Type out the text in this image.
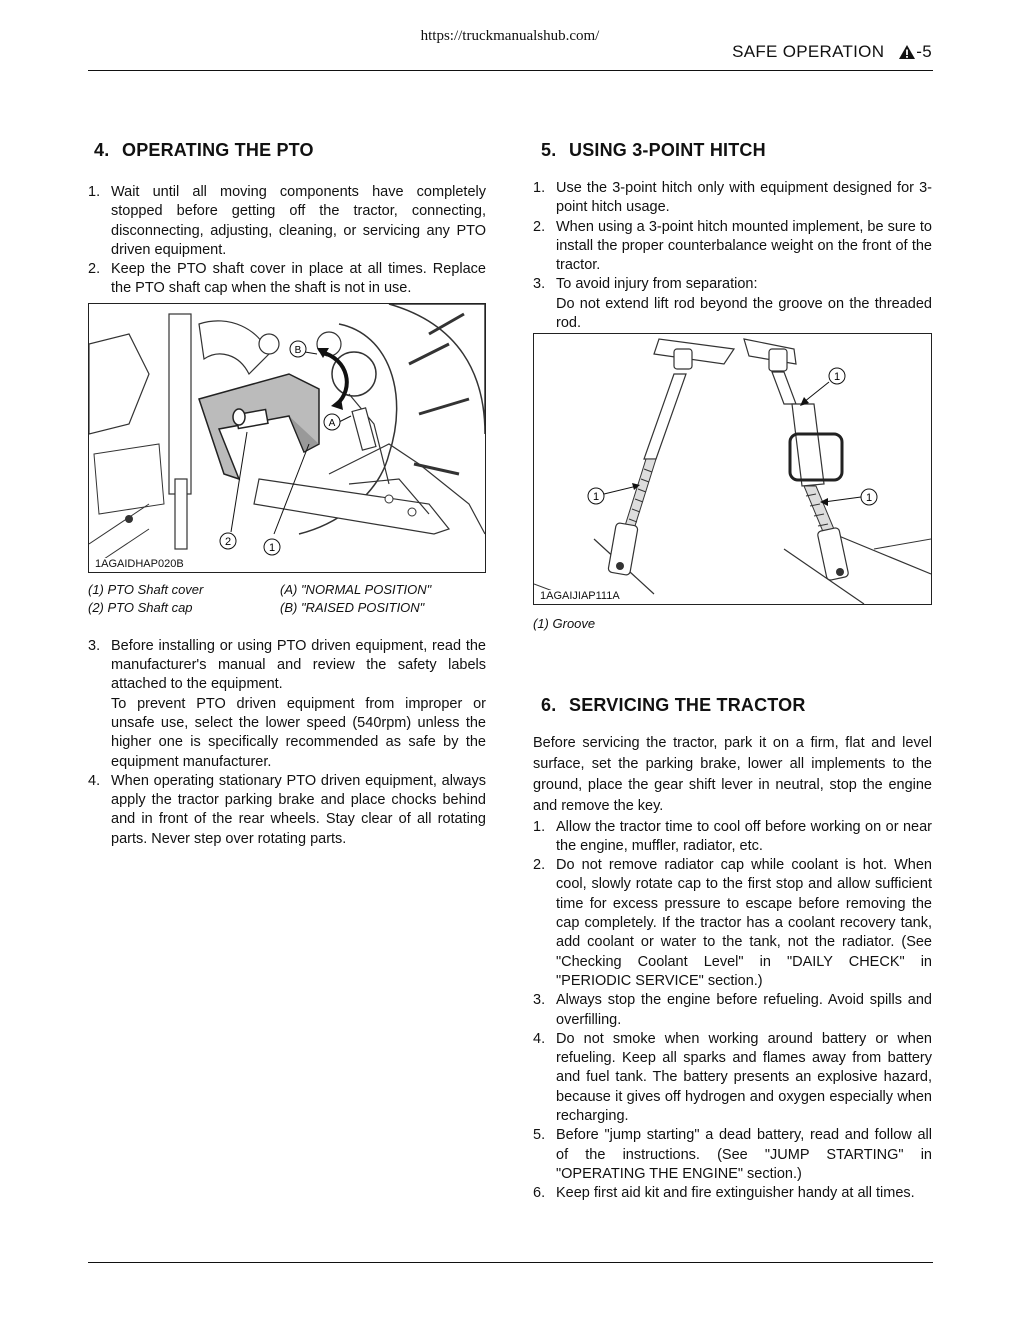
https://truckmanualshub.com/
SAFE OPERATION -5
4. OPERATING THE PTO
1. Wait until all moving components have completely stopped before getting off the tractor, connecting, disconnecting, adjusting, cleaning, or servicing any PTO driven equipment.
2. Keep the PTO shaft cover in place at all times. Replace the PTO shaft cap when the shaft is not in use.
2	1
B
A
1AGAIDHAP020B
(1) PTO Shaft cover	(A) "NORMAL POSITION"
(2) PTO Shaft cap	(B) "RAISED POSITION"
3. Before installing or using PTO driven equipment, read the manufacturer's manual and review the safety labels attached to the equipment.
To prevent PTO driven equipment from improper or unsafe use, select the lower speed (540rpm) unless the higher one is specifically recommended as safe by the equipment manufacturer.
4. When operating stationary PTO driven equipment, always apply the tractor parking brake and place chocks behind and in front of the rear wheels. Stay clear of all rotating parts. Never step over rotating parts.
5. USING 3-POINT HITCH
1. Use the 3-point hitch only with equipment designed for 3-point hitch usage.
2. When using a 3-point hitch mounted implement, be sure to install the proper counterbalance weight on the front of the tractor.
3. To avoid injury from separation:
Do not extend lift rod beyond the groove on the threaded rod.
1
1
1
1AGAIJIAP111A
(1) Groove
6. SERVICING THE TRACTOR
Before servicing the tractor, park it on a firm, flat and level surface, set the parking brake, lower all implements to the ground, place the gear shift lever in neutral, stop the engine and remove the key.
1. Allow the tractor time to cool off before working on or near the engine, muffler, radiator, etc.
2. Do not remove radiator cap while coolant is hot. When cool, slowly rotate cap to the first stop and allow sufficient time for excess pressure to escape before removing the cap completely. If the tractor has a coolant recovery tank, add coolant or water to the tank, not the radiator. (See "Checking Coolant Level" in "DAILY CHECK" in "PERIODIC SERVICE" section.)
3. Always stop the engine before refueling. Avoid spills and overfilling.
4. Do not smoke when working around battery or when refueling. Keep all sparks and flames away from battery and fuel tank. The battery presents an explosive hazard, because it gives off hydrogen and oxygen especially when recharging.
5. Before "jump starting" a dead battery, read and follow all of the instructions. (See "JUMP STARTING" in "OPERATING THE ENGINE" section.)
6. Keep first aid kit and fire extinguisher handy at all times.
